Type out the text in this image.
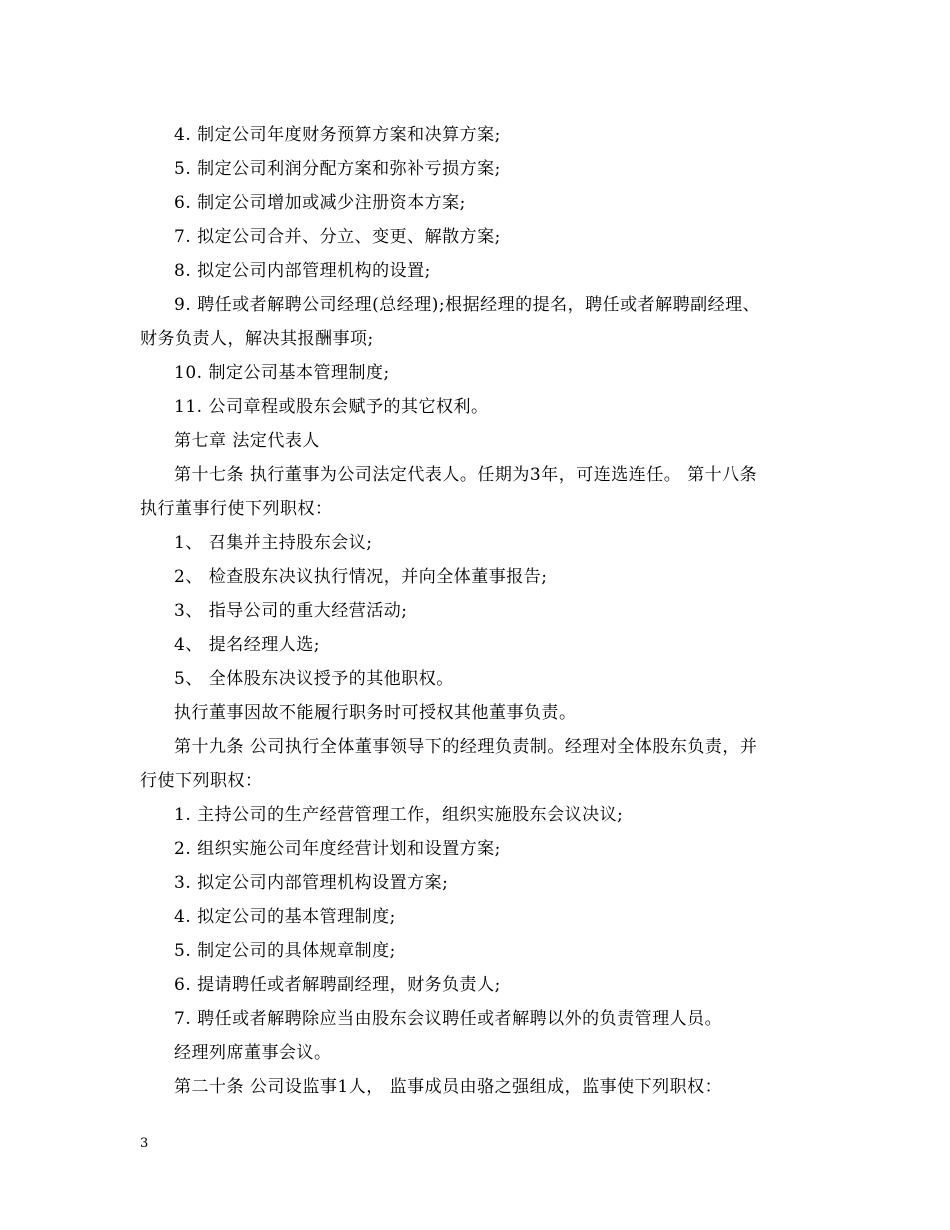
4. 制定公司年度财务预算方案和决算方案;
5. 制定公司利润分配方案和弥补亏损方案;
6. 制定公司增加或减少注册资本方案;
7. 拟定公司合并、分立、变更、解散方案;
8. 拟定公司内部管理机构的设置;
9. 聘任或者解聘公司经理(总经理);根据经理的提名，聘任或者解聘副经理、
财务负责人，解决其报酬事项;
10. 制定公司基本管理制度;
11. 公司章程或股东会赋予的其它权利。
第七章 法定代表人
第十七条 执行董事为公司法定代表人。任期为3年，可连选连任。 第十八条
执行董事行使下列职权：
1、 召集并主持股东会议;
2、 检查股东决议执行情况，并向全体董事报告;
3、 指导公司的重大经营活动;
4、 提名经理人选;
5、 全体股东决议授予的其他职权。
执行董事因故不能履行职务时可授权其他董事负责。
第十九条 公司执行全体董事领导下的经理负责制。经理对全体股东负责，并
行使下列职权：
1. 主持公司的生产经营管理工作，组织实施股东会议决议;
2. 组织实施公司年度经营计划和设置方案;
3. 拟定公司内部管理机构设置方案;
4. 拟定公司的基本管理制度;
5. 制定公司的具体规章制度;
6. 提请聘任或者解聘副经理，财务负责人;
7. 聘任或者解聘除应当由股东会议聘任或者解聘以外的负责管理人员。
经理列席董事会议。
第二十条 公司设监事1人， 监事成员由骆之强组成，监事使下列职权：
3
